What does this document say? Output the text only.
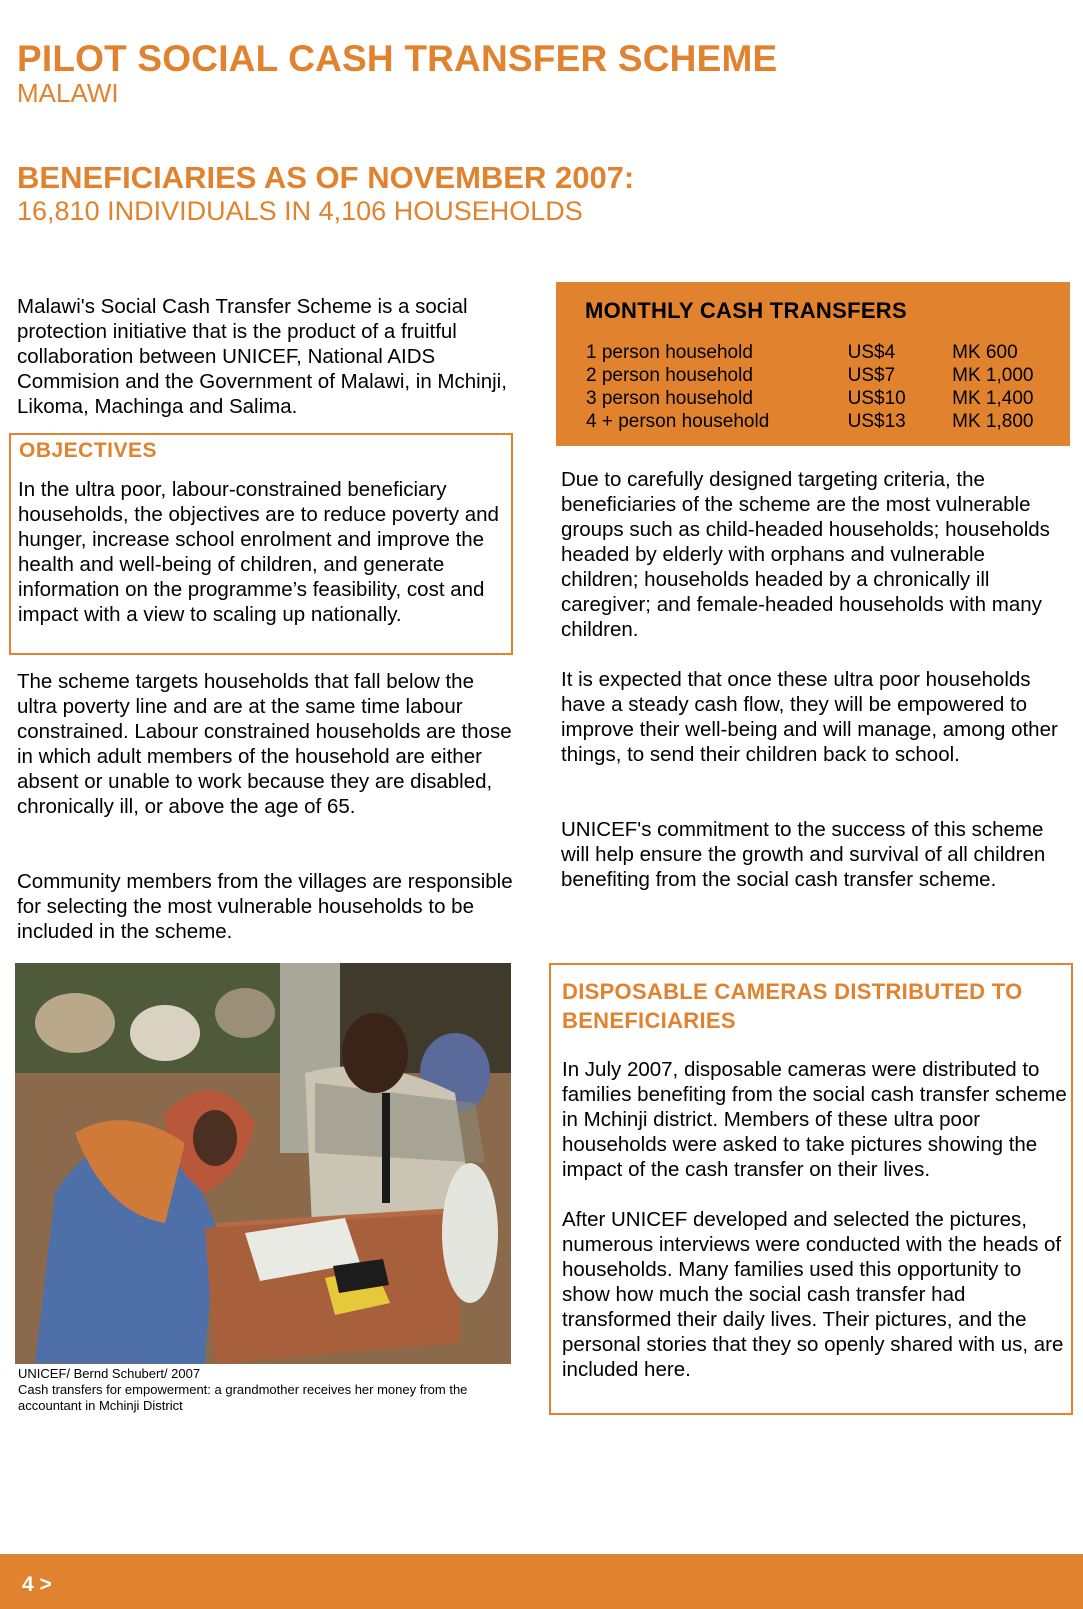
PILOT SOCIAL CASH TRANSFER SCHEME
MALAWI
BENEFICIARIES AS OF NOVEMBER 2007:
16,810 INDIVIDUALS IN 4,106 HOUSEHOLDS
Malawi's Social Cash Transfer Scheme is a social protection initiative that is the product of a fruitful collaboration between UNICEF, National AIDS Commision and the Government of Malawi, in Mchinji, Likoma, Machinga and Salima.
OBJECTIVES
In the ultra poor, labour-constrained beneficiary households, the objectives are to reduce poverty and hunger, increase school enrolment and improve the health and well-being of children, and generate information on the programme’s feasibility, cost and impact with a view to scaling up nationally.
The scheme targets households that fall below the ultra poverty line and are at the same time labour constrained. Labour constrained households are those in which adult members of the household are either absent or unable to work because they are disabled, chronically ill, or above the age of 65.
Community members from the villages are responsible for selecting the most vulnerable households to be included in the scheme.
UNICEF/ Bernd Schubert/ 2007
Cash transfers for empowerment: a grandmother receives her money from the accountant in Mchinji District
MONTHLY CASH TRANSFERS
1 person household	US$4	MK 600
2 person household	US$7	MK 1,000
3 person household	US$10	MK 1,400
4 + person household	US$13	MK 1,800
Due to carefully designed targeting criteria, the beneficiaries of the scheme are the most vulnerable groups such as child-headed households; households headed by elderly with orphans and vulnerable children; households headed by a chronically ill caregiver; and female-headed households with many children.
It is expected that once these ultra poor households have a steady cash flow, they will be empowered to improve their well-being and will manage, among other things, to send their children back to school.
UNICEF's commitment to the success of this scheme will help ensure the growth and survival of all children benefiting from the social cash transfer scheme.
DISPOSABLE CAMERAS DISTRIBUTED TO BENEFICIARIES

In July 2007, disposable cameras were distributed to families benefiting from the social cash transfer scheme in Mchinji district. Members of these ultra poor households were asked to take pictures showing the impact of the cash transfer on their lives.

After UNICEF developed and selected the pictures, numerous interviews were conducted with the heads of households. Many families used this opportunity to show how much the social cash transfer had transformed their daily lives. Their pictures, and the personal stories that they so openly shared with us, are included here.

4 >
